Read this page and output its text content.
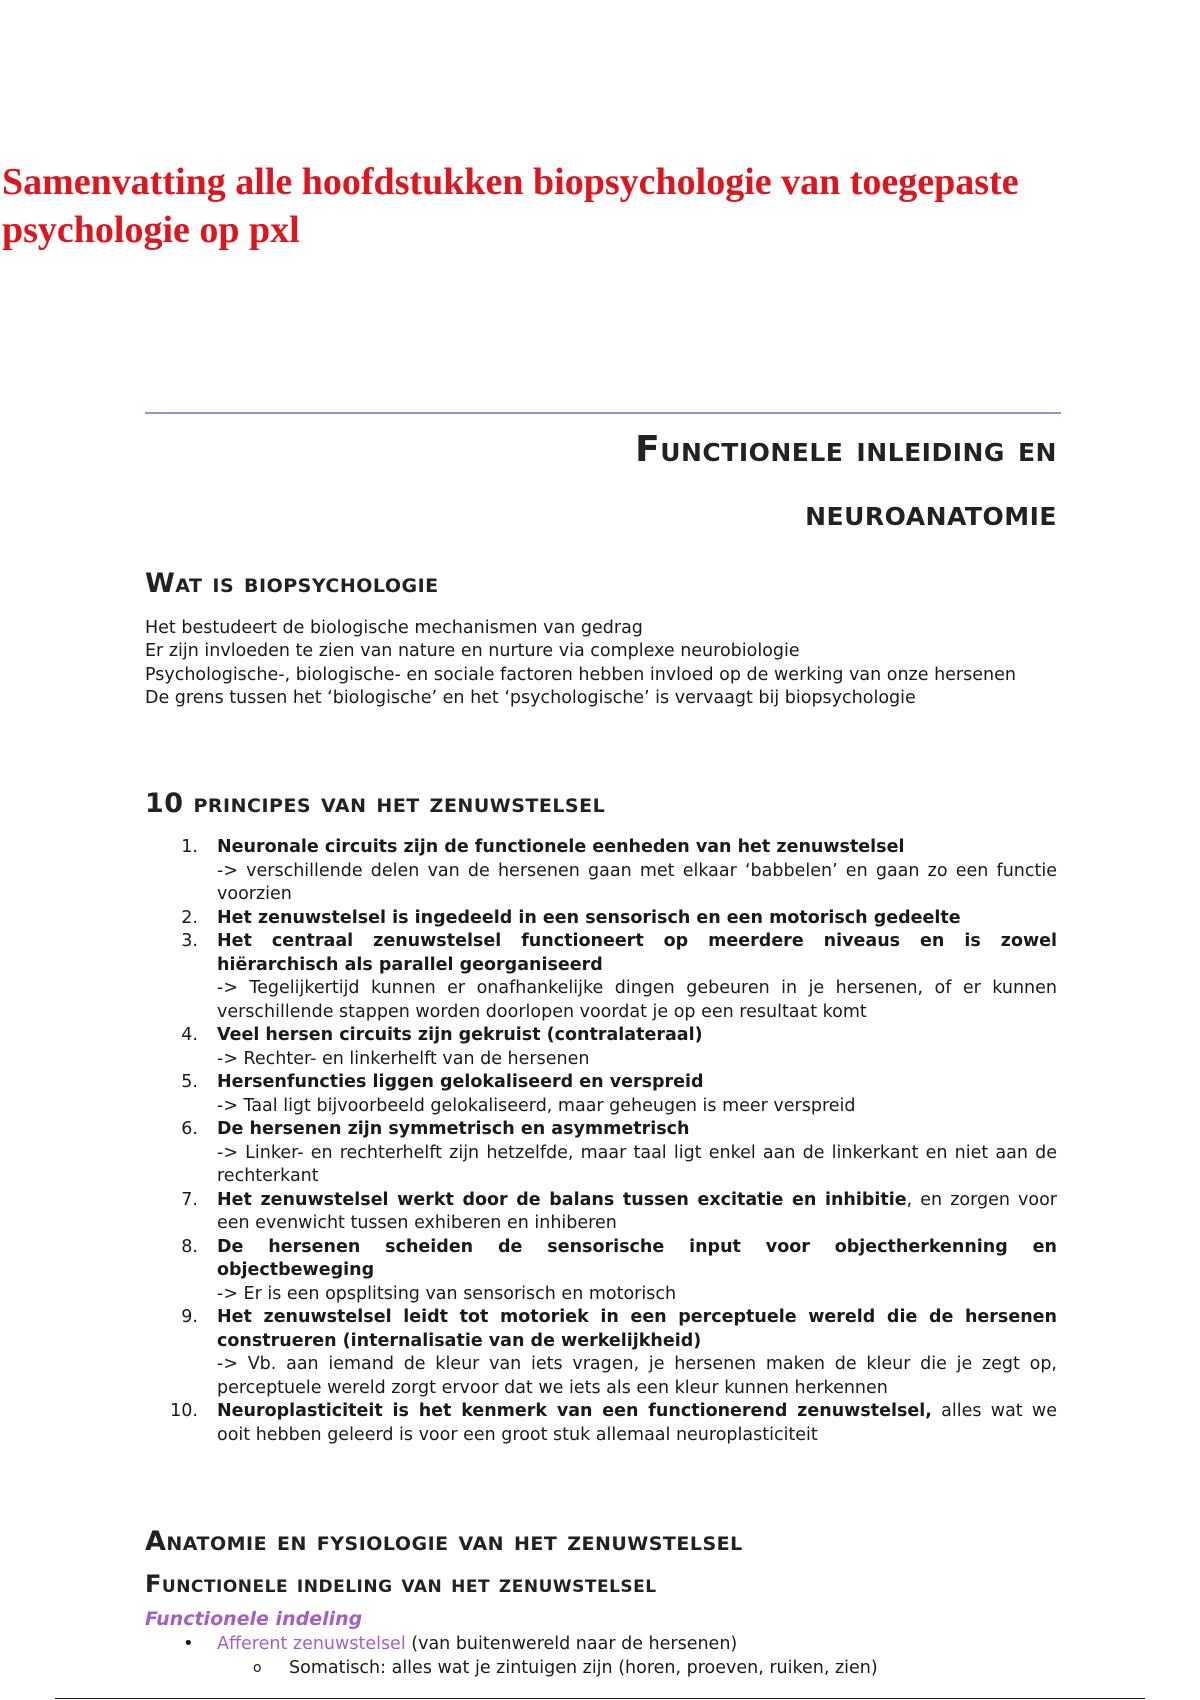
Samenvatting alle hoofdstukken biopsychologie van toegepaste psychologie op pxl
Functionele inleiding en
neuroanatomie
Wat is biopsychologie

Het bestudeert de biologische mechanismen van gedrag

Er zijn invloeden te zien van nature en nurture via complexe neurobiologie

Psychologische-, biologische- en sociale factoren hebben invloed op de werking van onze hersenen

De grens tussen het ‘biologische’ en het ‘psychologische’ is vervaagt bij biopsychologie

10 principes van het zenuwstelsel
1. Neuronale circuits zijn de functionele eenheden van het zenuwstelsel
-> verschillende delen van de hersenen gaan met elkaar ‘babbelen’ en gaan zo een functie voorzien
2. Het zenuwstelsel is ingedeeld in een sensorisch en een motorisch gedeelte
3. Het centraal zenuwstelsel functioneert op meerdere niveaus en is zowel hiërarchisch als parallel georganiseerd
-> Tegelijkertijd kunnen er onafhankelijke dingen gebeuren in je hersenen, of er kunnen verschillende stappen worden doorlopen voordat je op een resultaat komt
4. Veel hersen circuits zijn gekruist (contralateraal)
-> Rechter- en linkerhelft van de hersenen
5. Hersenfuncties liggen gelokaliseerd en verspreid
-> Taal ligt bijvoorbeeld gelokaliseerd, maar geheugen is meer verspreid
6. De hersenen zijn symmetrisch en asymmetrisch
-> Linker- en rechterhelft zijn hetzelfde, maar taal ligt enkel aan de linkerkant en niet aan de rechterkant
7. Het zenuwstelsel werkt door de balans tussen excitatie en inhibitie, en zorgen voor een evenwicht tussen exhiberen en inhiberen
8. De hersenen scheiden de sensorische input voor objectherkenning en objectbeweging
-> Er is een opsplitsing van sensorisch en motorisch
9. Het zenuwstelsel leidt tot motoriek in een perceptuele wereld die de hersenen construeren (internalisatie van de werkelijkheid)
-> Vb. aan iemand de kleur van iets vragen, je hersenen maken de kleur die je zegt op, perceptuele wereld zorgt ervoor dat we iets als een kleur kunnen herkennen
10. Neuroplasticiteit is het kenmerk van een functionerend zenuwstelsel, alles wat we ooit hebben geleerd is voor een groot stuk allemaal neuroplasticiteit
Anatomie en fysiologie van het zenuwstelsel
Functionele indeling van het zenuwstelsel
Functionele indeling
• Afferent zenuwstelsel (van buitenwereld naar de hersenen)
o Somatisch: alles wat je zintuigen zijn (horen, proeven, ruiken, zien)
